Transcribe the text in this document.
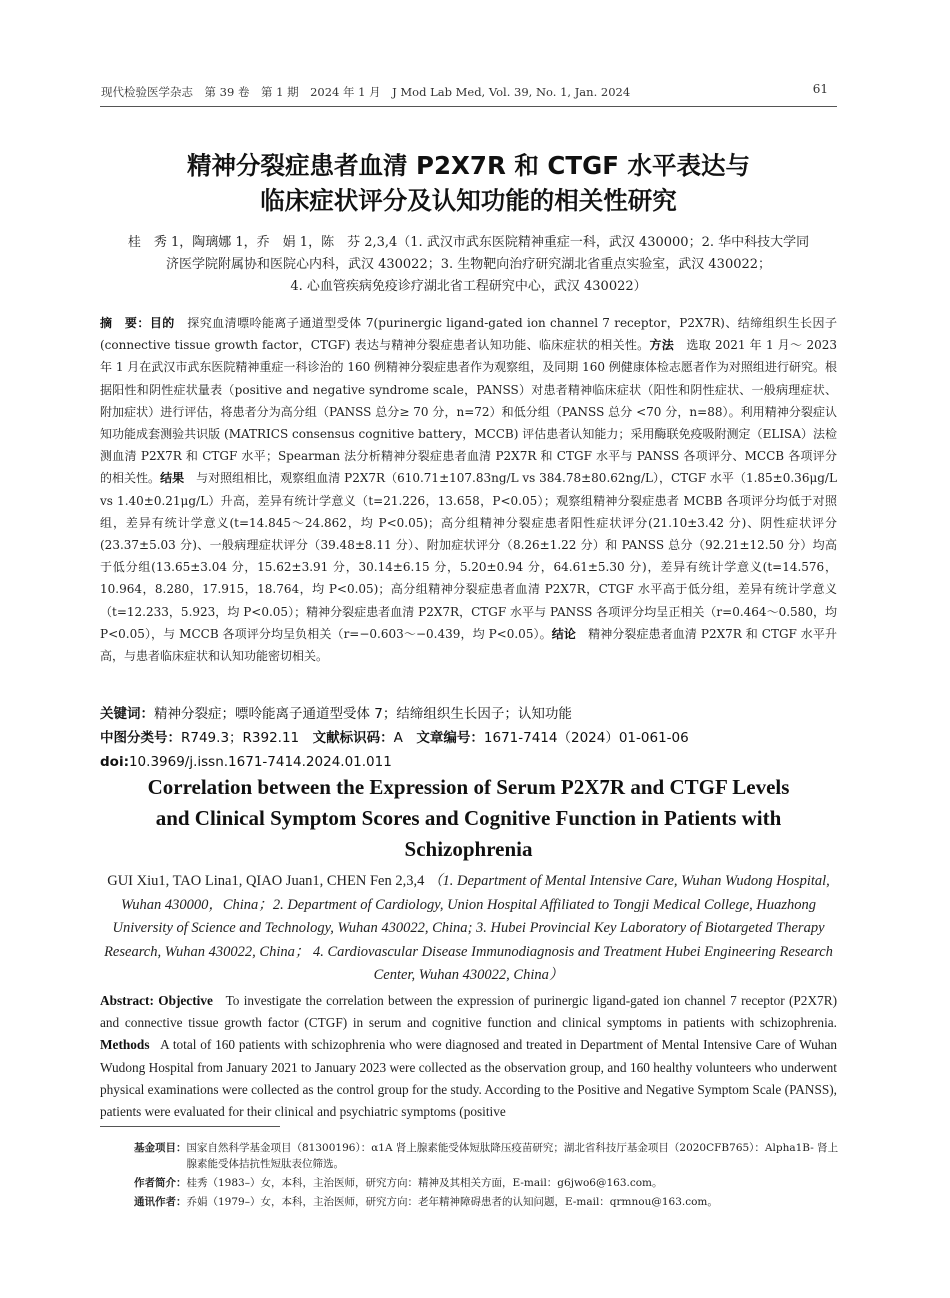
现代检验医学杂志　第 39 卷　第 1 期　2024 年 1 月　J Mod Lab Med, Vol. 39, No. 1, Jan. 2024	61
精神分裂症患者血清 P2X7R 和 CTGF 水平表达与
临床症状评分及认知功能的相关性研究
桂　秀 1，陶璃娜 1，乔　娟 1，陈　芬 2,3,4（1. 武汉市武东医院精神重症一科，武汉 430000；2. 华中科技大学同
济医学院附属协和医院心内科，武汉 430022；3. 生物靶向治疗研究湖北省重点实验室，武汉 430022；
4. 心血管疾病免疫诊疗湖北省工程研究中心，武汉 430022）
摘　要：目的　 探究血清嘌呤能离子通道型受体 7(purinergic ligand-gated ion channel 7 receptor，P2X7R)、结缔组织生长因子 (connective tissue growth factor，CTGF) 表达与精神分裂症患者认知功能、临床症状的相关性。方法　 选取 2021 年 1 月～ 2023 年 1 月在武汉市武东医院精神重症一科诊治的 160 例精神分裂症患者作为观察组，及同期 160 例健康体检志愿者作为对照组进行研究。根据阳性和阴性症状量表（positive and negative syndrome scale，PANSS）对患者精神临床症状（阳性和阴性症状、一般病理症状、附加症状）进行评估，将患者分为高分组（PANSS 总分≥ 70 分，n=72）和低分组（PANSS 总分 <70 分，n=88）。利用精神分裂症认知功能成套测验共识版 (MATRICS consensus cognitive battery，MCCB) 评估患者认知能力；采用酶联免疫吸附测定（ELISA）法检测血清 P2X7R 和 CTGF 水平；Spearman 法分析精神分裂症患者血清 P2X7R 和 CTGF 水平与 PANSS 各项评分、MCCB 各项评分的相关性。结果　 与对照组相比，观察组血清 P2X7R（610.71±107.83ng/L vs 384.78±80.62ng/L），CTGF 水平（1.85±0.36μg/L vs 1.40±0.21μg/L）升高，差异有统计学意义（t=21.226，13.658，P<0.05）；观察组精神分裂症患者 MCBB 各项评分均低于对照组，差异有统计学意义(t=14.845～24.862，均 P<0.05)；高分组精神分裂症患者阳性症状评分(21.10±3.42 分)、阴性症状评分(23.37±5.03 分)、一般病理症状评分（39.48±8.11 分）、附加症状评分（8.26±1.22 分）和 PANSS 总分（92.21±12.50 分）均高于低分组(13.65±3.04 分，15.62±3.91 分，30.14±6.15 分，5.20±0.94 分，64.61±5.30 分)，差异有统计学意义(t=14.576，10.964，8.280，17.915，18.764，均 P<0.05)；高分组精神分裂症患者血清 P2X7R，CTGF 水平高于低分组，差异有统计学意义（t=12.233，5.923，均 P<0.05）；精神分裂症患者血清 P2X7R，CTGF 水平与 PANSS 各项评分均呈正相关（r=0.464～0.580，均 P<0.05），与 MCCB 各项评分均呈负相关（r=−0.603～−0.439，均 P<0.05）。结论　 精神分裂症患者血清 P2X7R 和 CTGF 水平升高，与患者临床症状和认知功能密切相关。
关键词：精神分裂症；嘌呤能离子通道型受体 7；结缔组织生长因子；认知功能
中图分类号：R749.3；R392.11　 文献标识码：A　 文章编号：1671-7414（2024）01-061-06
doi:10.3969/j.issn.1671-7414.2024.01.011
Correlation between the Expression of Serum P2X7R and CTGF Levels
and Clinical Symptom Scores and Cognitive Function in Patients with
Schizophrenia
GUI Xiu1, TAO Lina1, QIAO Juan1, CHEN Fen 2,3,4 （1. Department of Mental Intensive Care, Wuhan Wudong Hospital, Wuhan 430000，China；2. Department of Cardiology, Union Hospital Affiliated to Tongji Medical College, Huazhong University of Science and Technology, Wuhan 430022, China; 3. Hubei Provincial Key Laboratory of Biotargeted Therapy Research, Wuhan 430022, China； 4. Cardiovascular Disease Immunodiagnosis and Treatment Hubei Engineering Research Center, Wuhan 430022, China）
Abstract: Objective To investigate the correlation between the expression of purinergic ligand-gated ion channel 7 receptor (P2X7R) and connective tissue growth factor (CTGF) in serum and cognitive function and clinical symptoms in patients with schizophrenia. Methods A total of 160 patients with schizophrenia who were diagnosed and treated in Department of Mental Intensive Care of Wuhan Wudong Hospital from January 2021 to January 2023 were collected as the observation group, and 160 healthy volunteers who underwent physical examinations were collected as the control group for the study. According to the Positive and Negative Symptom Scale (PANSS), patients were evaluated for their clinical and psychiatric symptoms (positive
基金项目： 国家自然科学基金项目（81300196）：α1A 肾上腺素能受体短肽降压疫苗研究；湖北省科技厅基金项目（2020CFB765）：Alpha1B- 肾上腺素能受体拮抗性短肽表位筛选。
作者简介： 桂秀（1983–）女，本科，主治医师，研究方向：精神及其相关方面，E-mail：g6jwo6@163.com。
通讯作者： 乔娟（1979–）女，本科，主治医师，研究方向：老年精神障碍患者的认知问题，E-mail：qrmnou@163.com。
